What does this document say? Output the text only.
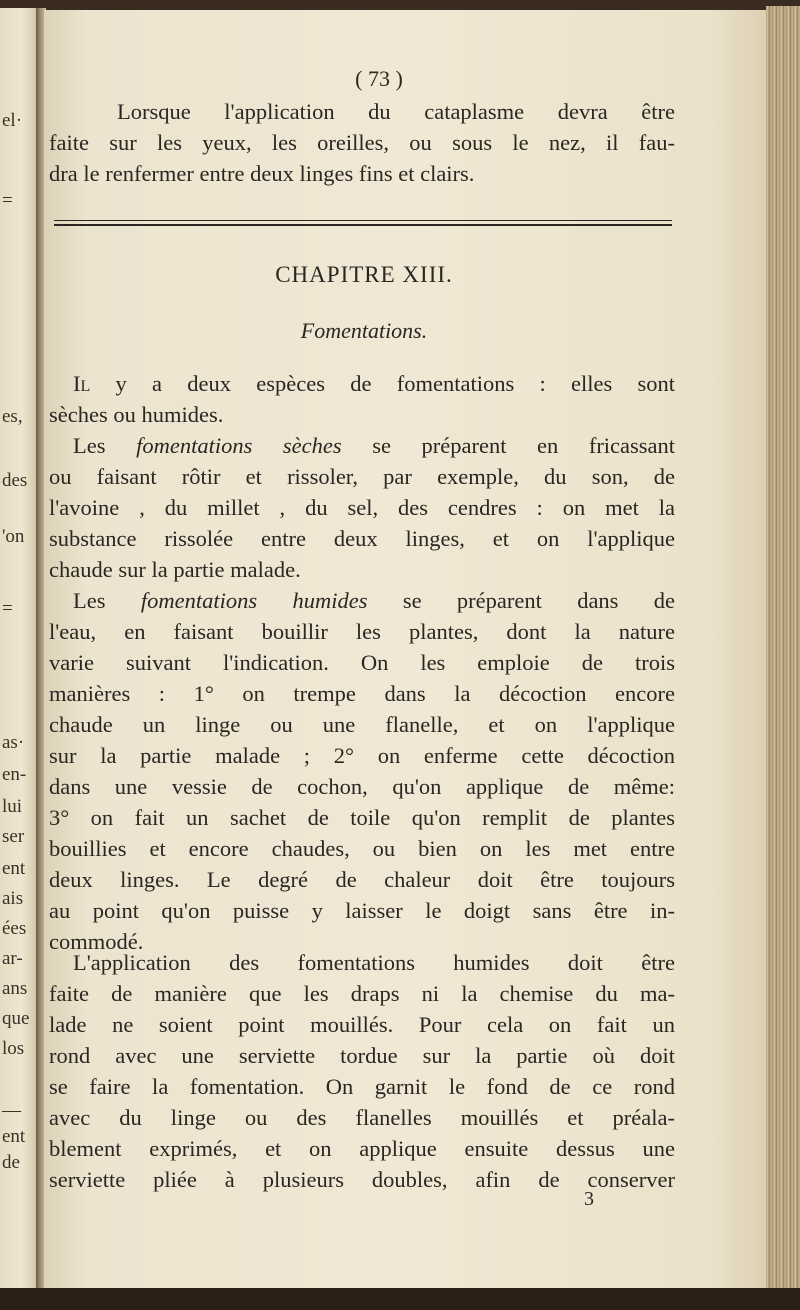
el·
=
es,
des
'on
=
as·
en-
lui
ser
ent
ais
ées
ar-
ans
que
los
—
ent
de
( 73 )
Lorsque l'application du cataplasme devra être
faite sur les yeux, les oreilles, ou sous le nez, il fau-
dra le renfermer entre deux linges fins et clairs.
CHAPITRE XIII.
Fomentations.
Il y a deux espèces de fomentations : elles sont
sèches ou humides.
Les fomentations sèches se préparent en fricassant
ou faisant rôtir et rissoler, par exemple, du son, de
l'avoine , du millet , du sel, des cendres : on met la
substance rissolée entre deux linges, et on l'applique
chaude sur la partie malade.
Les fomentations humides se préparent dans de
l'eau, en faisant bouillir les plantes, dont la nature
varie suivant l'indication. On les emploie de trois
manières : 1° on trempe dans la décoction encore
chaude un linge ou une flanelle, et on l'applique
sur la partie malade ; 2° on enferme cette décoction
dans une vessie de cochon, qu'on applique de même:
3° on fait un sachet de toile qu'on remplit de plantes
bouillies et encore chaudes, ou bien on les met entre
deux linges. Le degré de chaleur doit être toujours
au point qu'on puisse y laisser le doigt sans être in-
commodé.
L'application des fomentations humides doit être
faite de manière que les draps ni la chemise du ma-
lade ne soient point mouillés. Pour cela on fait un
rond avec une serviette tordue sur la partie où doit
se faire la fomentation. On garnit le fond de ce rond
avec du linge ou des flanelles mouillés et préala-
blement exprimés, et on applique ensuite dessus une
serviette pliée à plusieurs doubles, afin de conserver
3
